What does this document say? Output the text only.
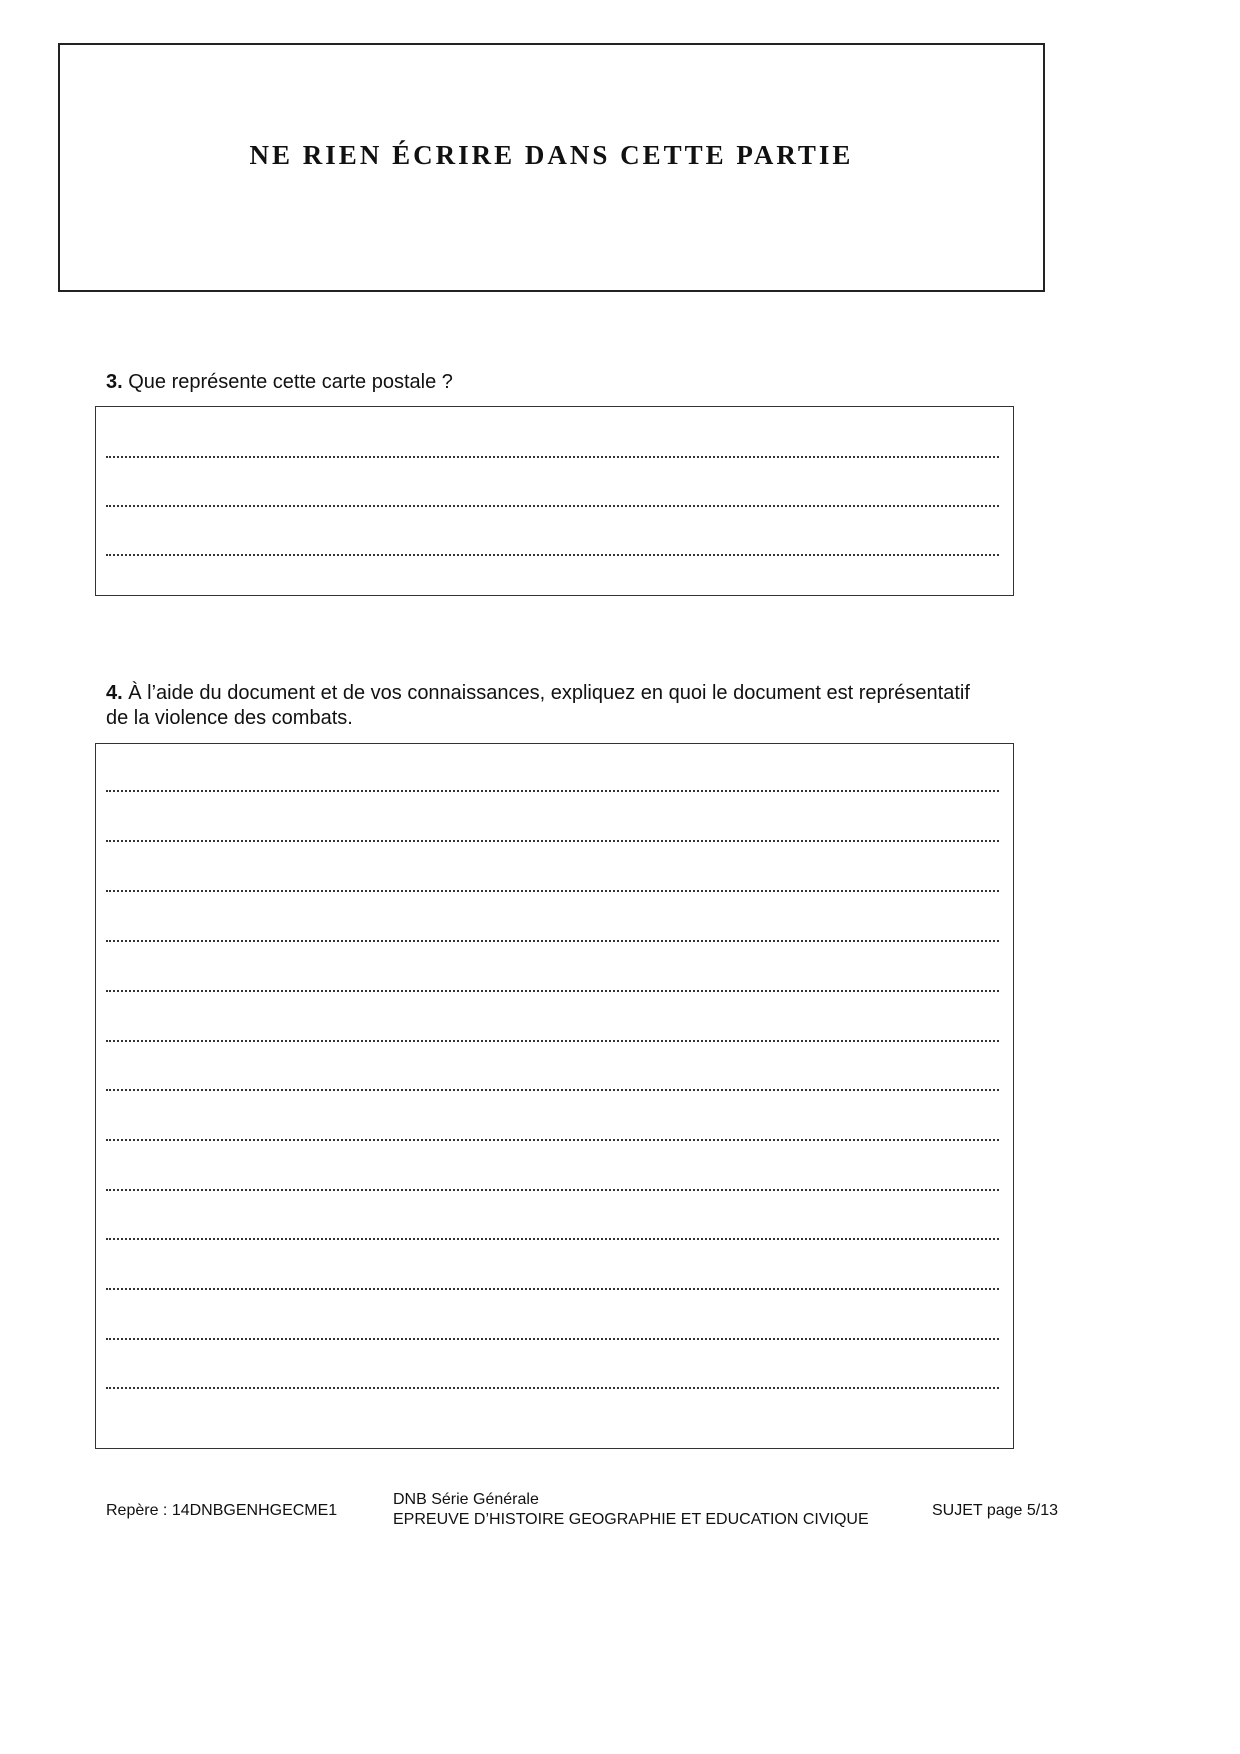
NE RIEN ÉCRIRE DANS CETTE PARTIE
3. Que représente cette carte postale ?
4. À l’aide du document et de vos connaissances, expliquez en quoi le document est représentatif de la violence des combats.
Repère : 14DNBGENHGECME1
DNB Série Générale
EPREUVE D’HISTOIRE GEOGRAPHIE ET EDUCATION CIVIQUE
SUJET page 5/13
